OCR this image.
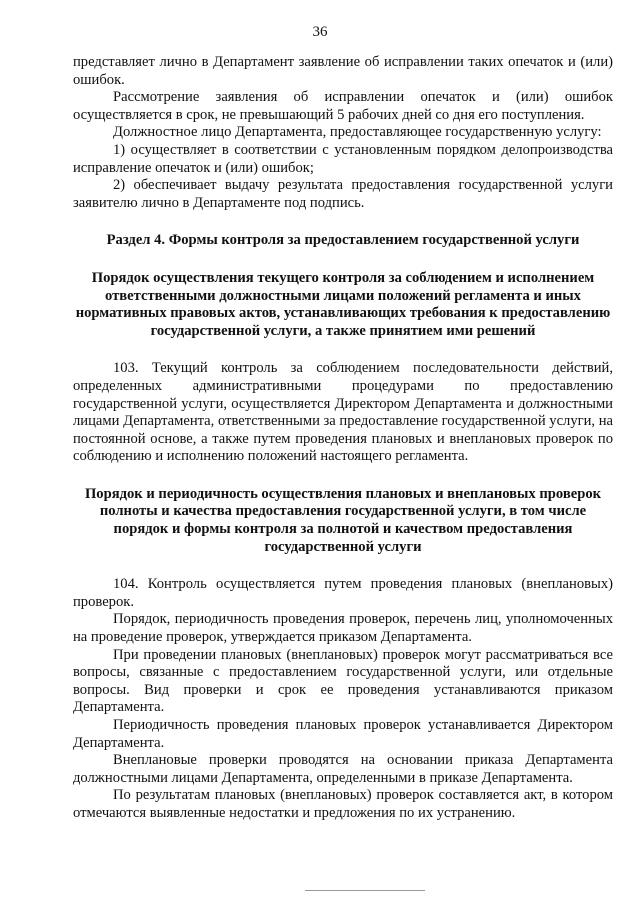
36

представляет лично в Департамент заявление об исправлении таких опечаток и (или) ошибок.

Рассмотрение заявления об исправлении опечаток и (или) ошибок осуществляется в срок, не превышающий 5 рабочих дней со дня его поступления.

Должностное лицо Департамента, предоставляющее государственную услугу:

1) осуществляет в соответствии с установленным порядком делопроизводства исправление опечаток и (или) ошибок;

2) обеспечивает выдачу результата предоставления государственной услуги заявителю лично в Департаменте под подпись.

Раздел 4. Формы контроля за предоставлением государственной услуги
Порядок осуществления текущего контроля за соблюдением и исполнением ответственными должностными лицами положений регламента и иных нормативных правовых актов, устанавливающих требования к предоставлению государственной услуги, а также принятием ими решений

103. Текущий контроль за соблюдением последовательности действий, определенных административными процедурами по предоставлению государственной услуги, осуществляется Директором Департамента и должностными лицами Департамента, ответственными за предоставление государственной услуги, на постоянной основе, а также путем проведения плановых и внеплановых проверок по соблюдению и исполнению положений настоящего регламента.

Порядок и периодичность осуществления плановых и внеплановых проверок полноты и качества предоставления государственной услуги, в том числе порядок и формы контроля за полнотой и качеством предоставления государственной услуги

104. Контроль осуществляется путем проведения плановых (внеплановых) проверок.

Порядок, периодичность проведения проверок, перечень лиц, уполномоченных на проведение проверок, утверждается приказом Департамента.

При проведении плановых (внеплановых) проверок могут рассматриваться все вопросы, связанные с предоставлением государственной услуги, или отдельные вопросы. Вид проверки и срок ее проведения устанавливаются приказом Департамента.

Периодичность проведения плановых проверок устанавливается Директором Департамента.

Внеплановые проверки проводятся на основании приказа Департамента должностными лицами Департамента, определенными в приказе Департамента.

По результатам плановых (внеплановых) проверок составляется акт, в котором отмечаются выявленные недостатки и предложения по их устранению.
